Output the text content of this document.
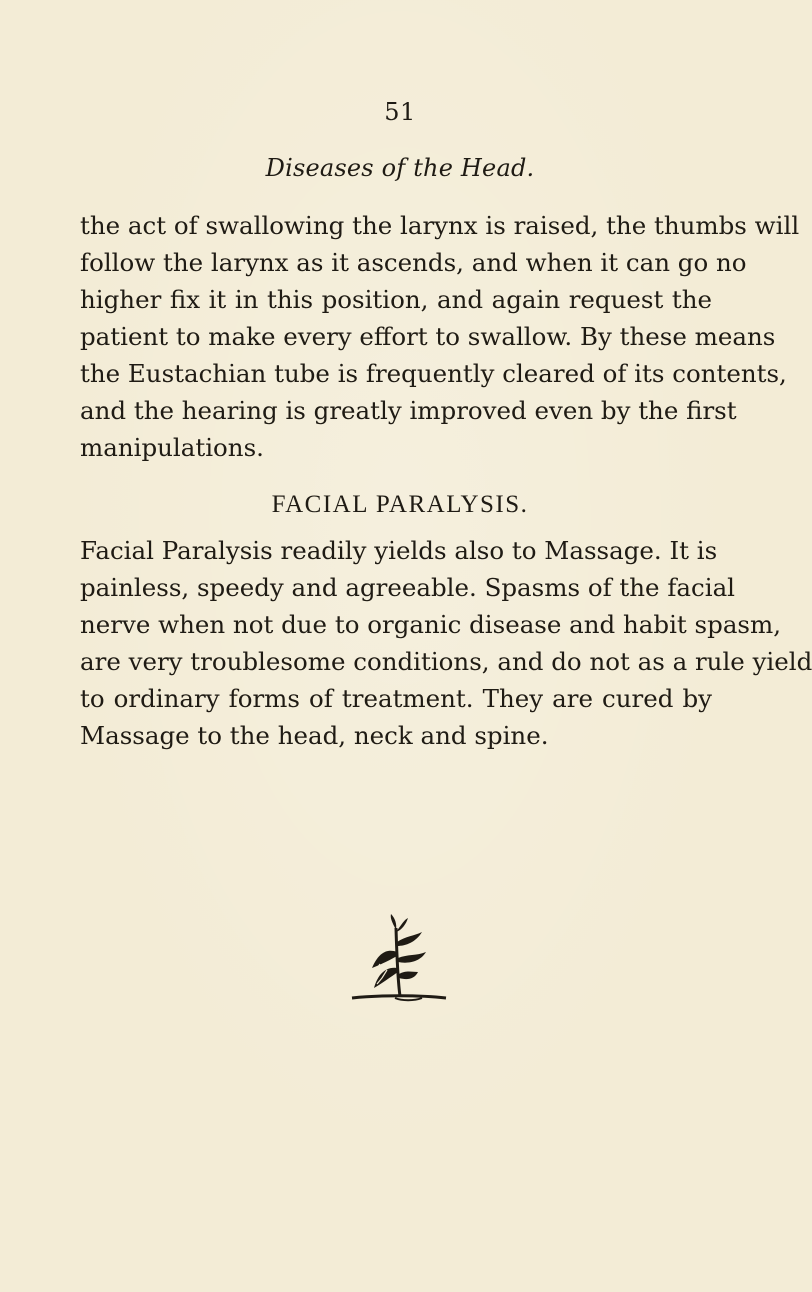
51
Diseases of the Head.
the act of swallowing the larynx is raised, the thumbs will
follow the larynx as it ascends, and when it can go no
higher fix it in this position, and again request the
patient to make every effort to swallow. By these means
the Eustachian tube is frequently cleared of its contents,
and the hearing is greatly improved even by the first
manipulations.
FACIAL PARALYSIS.
Facial Paralysis readily yields also to Massage. It is
painless, speedy and agreeable. Spasms of the facial
nerve when not due to organic disease and habit spasm,
are very troublesome conditions, and do not as a rule yield
to ordinary forms of treatment. They are cured by
Massage to the head, neck and spine.
